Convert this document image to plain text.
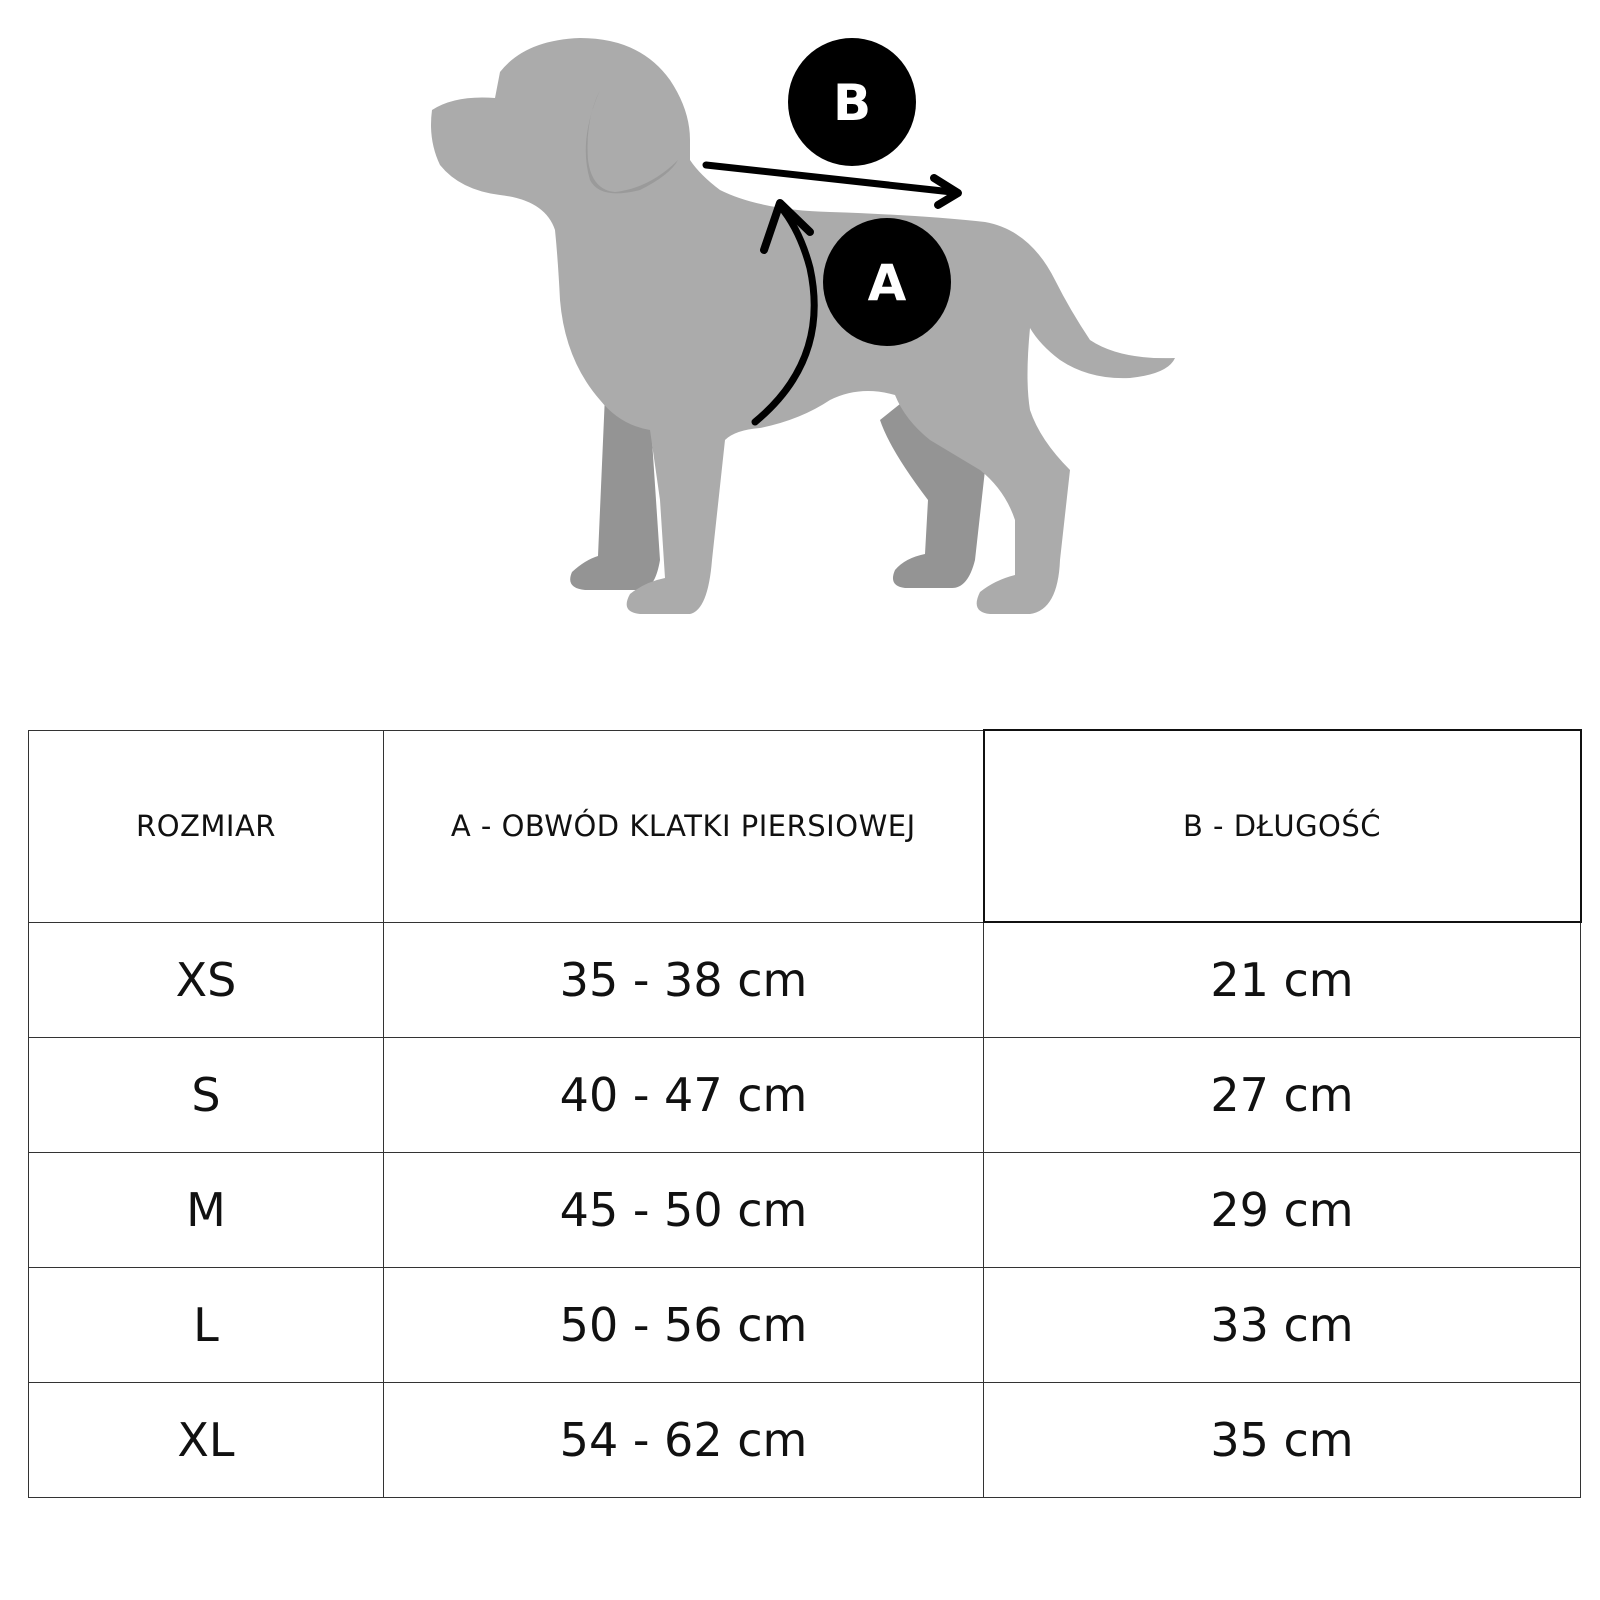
B
A
ROZMIAR	A - OBWÓD KLATKI PIERSIOWEJ	B - DŁUGOŚĆ
XS	35 - 38 cm	21 cm
S	40 - 47 cm	27 cm
M	45 - 50 cm	29 cm
L	50 - 56 cm	33 cm
XL	54 - 62 cm	35 cm
